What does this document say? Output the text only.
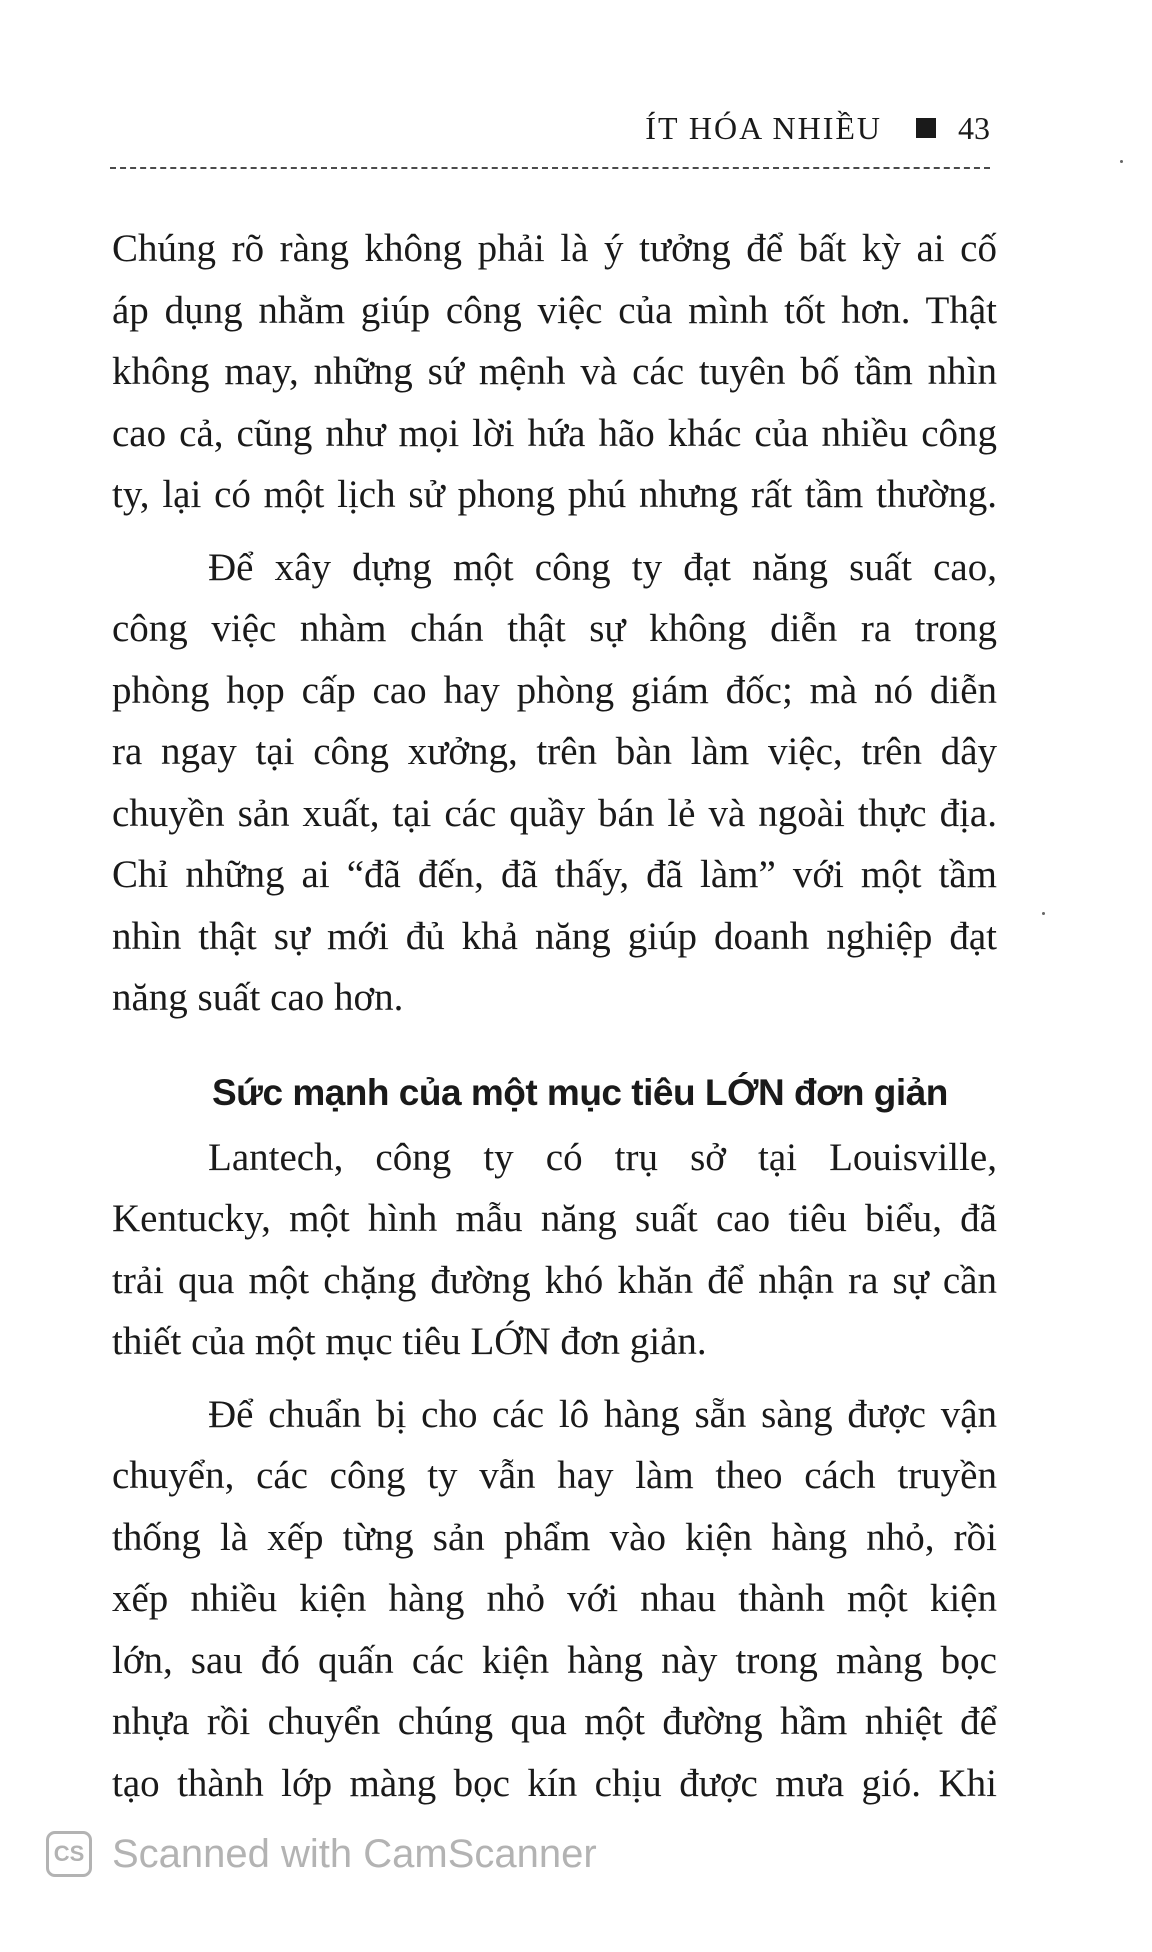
ÍT HÓA NHIỀU 43

Chúng rõ ràng không phải là ý tưởng để bất kỳ ai cố

áp dụng nhằm giúp công việc của mình tốt hơn. Thật

không may, những sứ mệnh và các tuyên bố tầm nhìn

cao cả, cũng như mọi lời hứa hão khác của nhiều công

ty, lại có một lịch sử phong phú nhưng rất tầm thường.

Để xây dựng một công ty đạt năng suất cao,

công việc nhàm chán thật sự không diễn ra trong

phòng họp cấp cao hay phòng giám đốc; mà nó diễn

ra ngay tại công xưởng, trên bàn làm việc, trên dây

chuyền sản xuất, tại các quầy bán lẻ và ngoài thực địa.

Chỉ những ai “đã đến, đã thấy, đã làm” với một tầm

nhìn thật sự mới đủ khả năng giúp doanh nghiệp đạt

năng suất cao hơn.

Sức mạnh của một mục tiêu LỚN đơn giản

Lantech, công ty có trụ sở tại Louisville,

Kentucky, một hình mẫu năng suất cao tiêu biểu, đã

trải qua một chặng đường khó khăn để nhận ra sự cần

thiết của một mục tiêu LỚN đơn giản.

Để chuẩn bị cho các lô hàng sẵn sàng được vận

chuyển, các công ty vẫn hay làm theo cách truyền

thống là xếp từng sản phẩm vào kiện hàng nhỏ, rồi

xếp nhiều kiện hàng nhỏ với nhau thành một kiện

lớn, sau đó quấn các kiện hàng này trong màng bọc

nhựa rồi chuyển chúng qua một đường hầm nhiệt để

tạo thành lớp màng bọc kín chịu được mưa gió. Khi

CS Scanned with CamScanner
